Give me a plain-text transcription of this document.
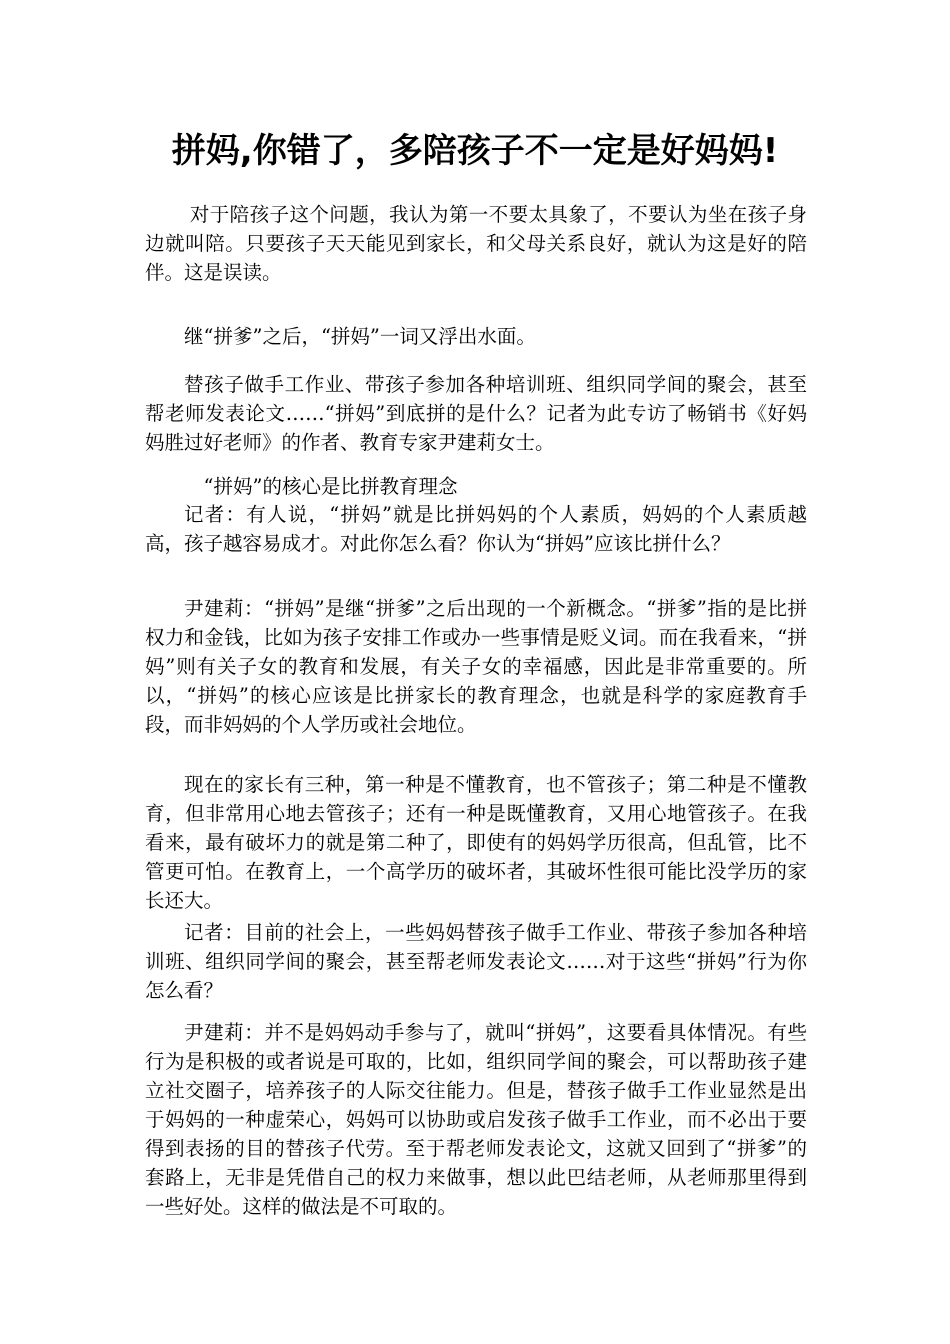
拼妈,你错了，多陪孩子不一定是好妈妈!

对于陪孩子这个问题，我认为第一不要太具象了，不要认为坐在孩子身边就叫陪。只要孩子天天能见到家长，和父母关系良好，就认为这是好的陪伴。这是误读。

继“拼爹”之后，“拼妈”一词又浮出水面。

替孩子做手工作业、带孩子参加各种培训班、组织同学间的聚会，甚至帮老师发表论文……“拼妈”到底拼的是什么？记者为此专访了畅销书《好妈妈胜过好老师》的作者、教育专家尹建莉女士。

“拼妈”的核心是比拼教育理念

记者：有人说，“拼妈”就是比拼妈妈的个人素质，妈妈的个人素质越高，孩子越容易成才。对此你怎么看？你认为“拼妈”应该比拼什么？

尹建莉：“拼妈”是继“拼爹”之后出现的一个新概念。“拼爹”指的是比拼权力和金钱，比如为孩子安排工作或办一些事情是贬义词。而在我看来，“拼妈”则有关子女的教育和发展，有关子女的幸福感，因此是非常重要的。所以，“拼妈”的核心应该是比拼家长的教育理念，也就是科学的家庭教育手段，而非妈妈的个人学历或社会地位。

现在的家长有三种，第一种是不懂教育，也不管孩子；第二种是不懂教育，但非常用心地去管孩子；还有一种是既懂教育，又用心地管孩子。在我看来，最有破坏力的就是第二种了，即使有的妈妈学历很高，但乱管，比不管更可怕。在教育上，一个高学历的破坏者，其破坏性很可能比没学历的家长还大。

记者：目前的社会上，一些妈妈替孩子做手工作业、带孩子参加各种培训班、组织同学间的聚会，甚至帮老师发表论文……对于这些“拼妈”行为你怎么看？

尹建莉：并不是妈妈动手参与了，就叫“拼妈”，这要看具体情况。有些行为是积极的或者说是可取的，比如，组织同学间的聚会，可以帮助孩子建立社交圈子，培养孩子的人际交往能力。但是，替孩子做手工作业显然是出于妈妈的一种虚荣心，妈妈可以协助或启发孩子做手工作业，而不必出于要得到表扬的目的替孩子代劳。至于帮老师发表论文，这就又回到了“拼爹”的套路上，无非是凭借自己的权力来做事，想以此巴结老师，从老师那里得到一些好处。这样的做法是不可取的。
